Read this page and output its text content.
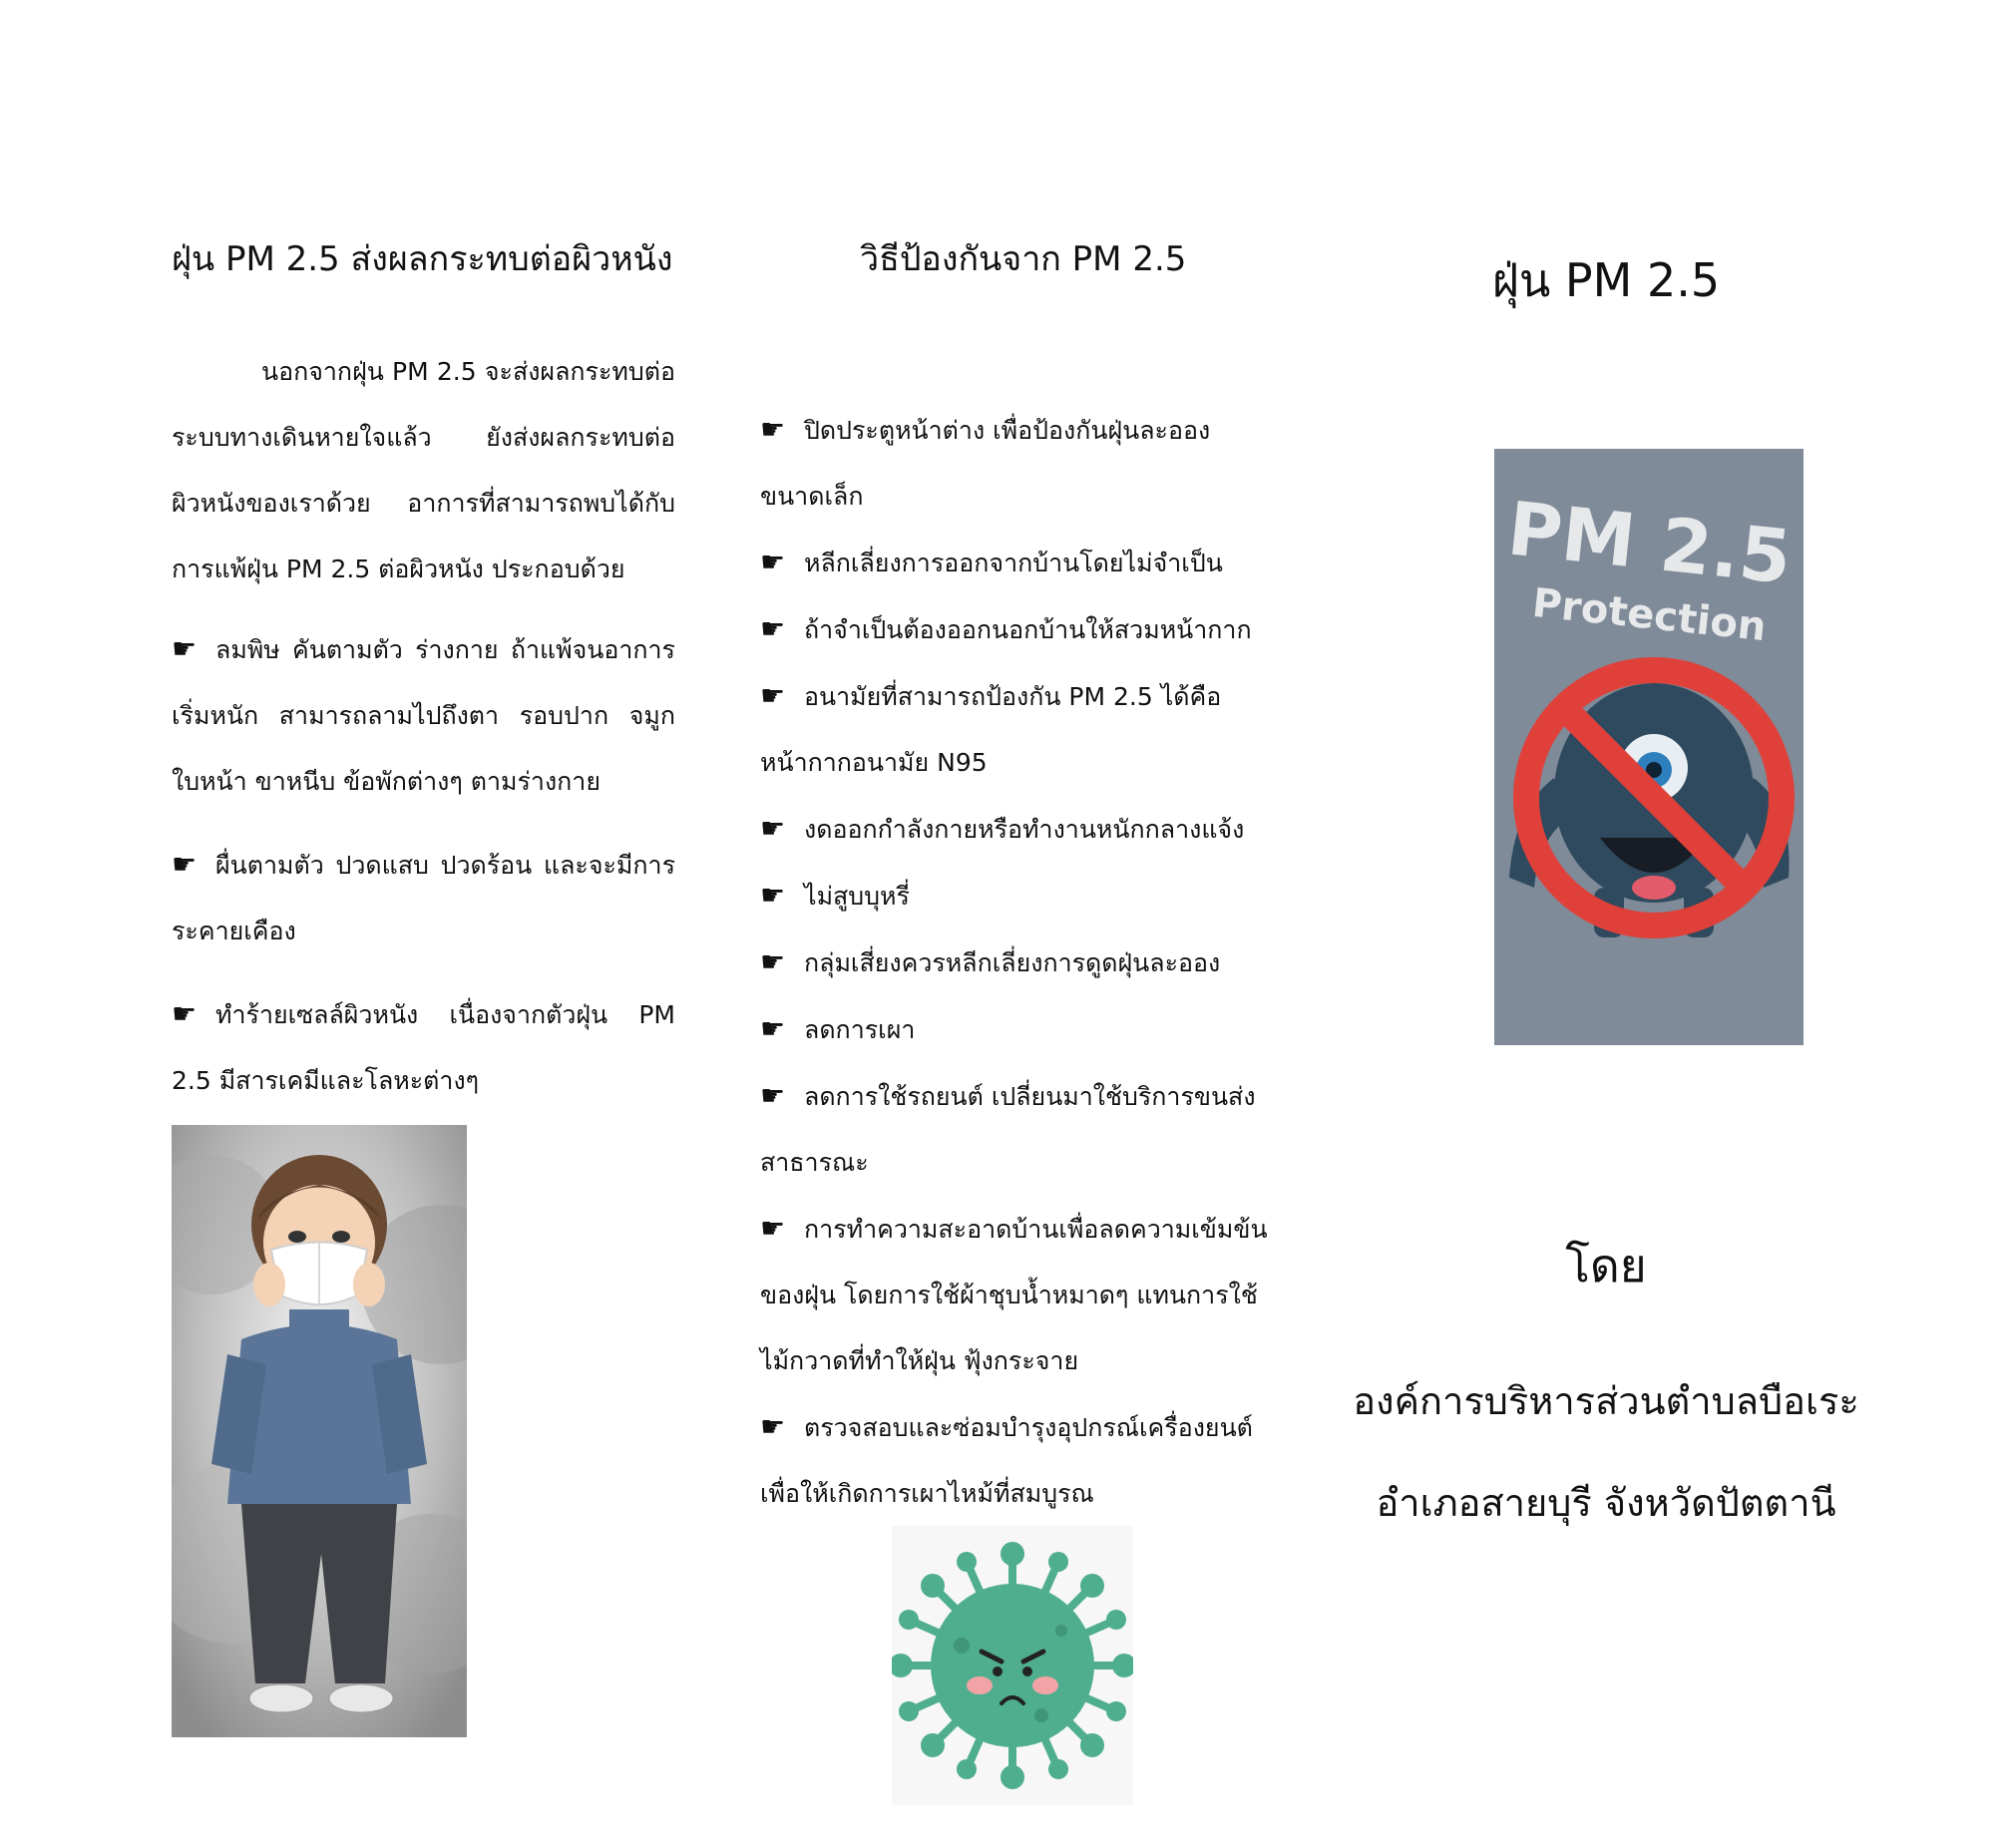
ฝุ่น PM 2.5 ส่งผลกระทบต่อผิวหนัง
นอกจากฝุ่น PM 2.5 จะส่งผลกระทบต่อระบบทางเดินหายใจแล้ว ยังส่งผลกระทบต่อผิวหนังของเราด้วย อาการที่สามารถพบได้กับการแพ้ฝุ่น PM 2.5 ต่อผิวหนัง ประกอบด้วย
☛ ลมพิษ คันตามตัว ร่างกาย ถ้าแพ้จนอาการเริ่มหนัก สามารถลามไปถึงตา รอบปาก จมูก ใบหน้า ขาหนีบ ข้อพักต่างๆ ตามร่างกาย
☛ ผื่นตามตัว ปวดแสบ ปวดร้อน และจะมีการระคายเคือง
☛ ทำร้ายเซลล์ผิวหนัง เนื่องจากตัวฝุ่น PM 2.5 มีสารเคมีและโลหะต่างๆ
วิธีป้องกันจาก PM 2.5
☛ ปิดประตูหน้าต่าง เพื่อป้องกันฝุ่นละอองขนาดเล็ก
☛ หลีกเลี่ยงการออกจากบ้านโดยไม่จำเป็น
☛ ถ้าจำเป็นต้องออกนอกบ้านให้สวมหน้ากาก
☛ อนามัยที่สามารถป้องกัน PM 2.5 ได้คือหน้ากากอนามัย N95
☛ งดออกกำลังกายหรือทำงานหนักกลางแจ้ง
☛ ไม่สูบบุหรี่
☛ กลุ่มเสี่ยงควรหลีกเลี่ยงการดูดฝุ่นละออง
☛ ลดการเผา
☛ ลดการใช้รถยนต์ เปลี่ยนมาใช้บริการขนส่งสาธารณะ
☛ การทำความสะอาดบ้านเพื่อลดความเข้มข้นของฝุ่น โดยการใช้ผ้าชุบน้ำหมาดๆ แทนการใช้ไม้กวาดที่ทำให้ฝุ่น ฟุ้งกระจาย
☛ ตรวจสอบและซ่อมบำรุงอุปกรณ์เครื่องยนต์เพื่อให้เกิดการเผาไหม้ที่สมบูรณ
ฝุ่น PM 2.5
PM 2.5
Protection
โดย
องค์การบริหารส่วนตำบลบือเระ
อำเภอสายบุรี จังหวัดปัตตานี
